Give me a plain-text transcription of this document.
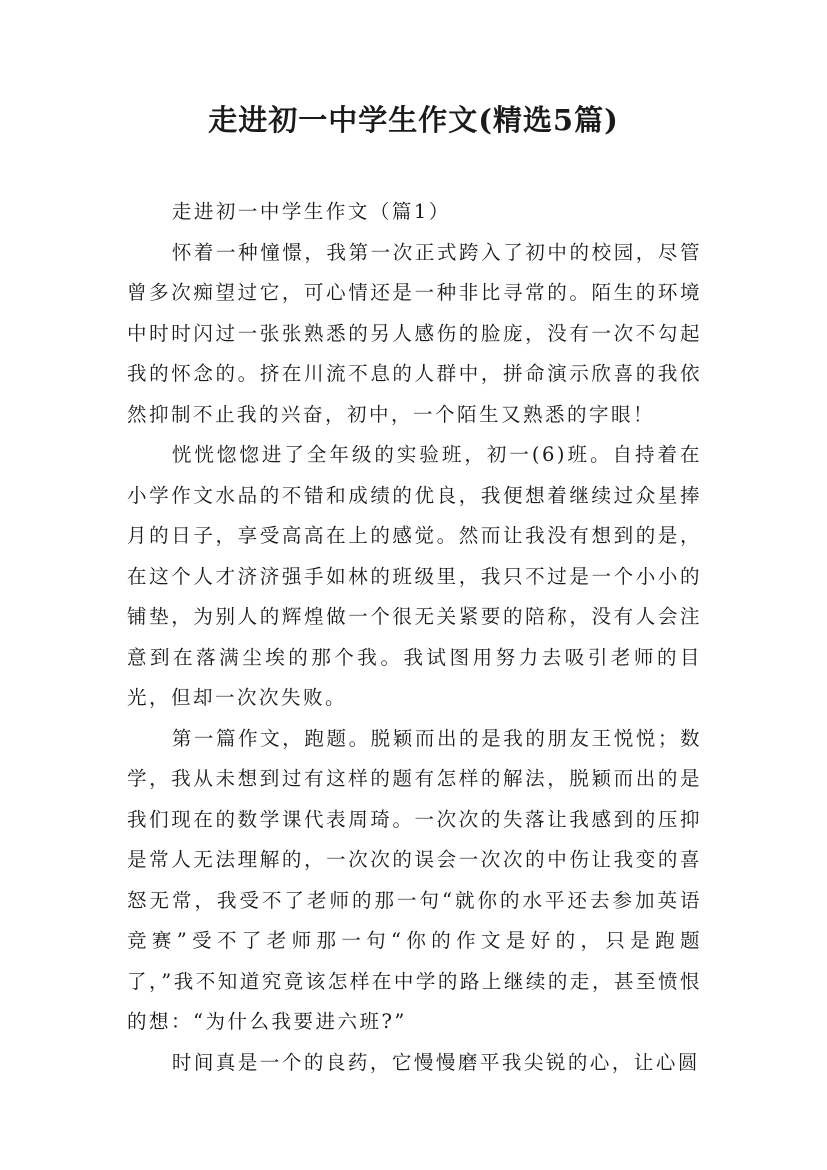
走进初一中学生作文(精选5篇)

走进初一中学生作文（篇1）

怀着一种憧憬，我第一次正式跨入了初中的校园，尽管曾多次痴望过它，可心情还是一种非比寻常的。陌生的环境中时时闪过一张张熟悉的另人感伤的脸庞，没有一次不勾起我的怀念的。挤在川流不息的人群中，拼命演示欣喜的我依然抑制不止我的兴奋，初中，一个陌生又熟悉的字眼！

恍恍惚惚进了全年级的实验班，初一(6)班。自持着在小学作文水品的不错和成绩的优良，我便想着继续过众星捧月的日子，享受高高在上的感觉。然而让我没有想到的是，在这个人才济济强手如林的班级里，我只不过是一个小小的铺垫，为别人的辉煌做一个很无关紧要的陪称，没有人会注意到在落满尘埃的那个我。我试图用努力去吸引老师的目光，但却一次次失败。

第一篇作文，跑题。脱颖而出的是我的朋友王悦悦；数学，我从未想到过有这样的题有怎样的解法，脱颖而出的是我们现在的数学课代表周琦。一次次的失落让我感到的压抑是常人无法理解的，一次次的误会一次次的中伤让我变的喜怒无常，我受不了老师的那一句“就你的水平还去参加英语竞赛”受不了老师那一句“你的作文是好的，只是跑题了，”我不知道究竟该怎样在中学的路上继续的走，甚至愤恨的想：“为什么我要进六班?”

时间真是一个的良药，它慢慢磨平我尖锐的心，让心圆
